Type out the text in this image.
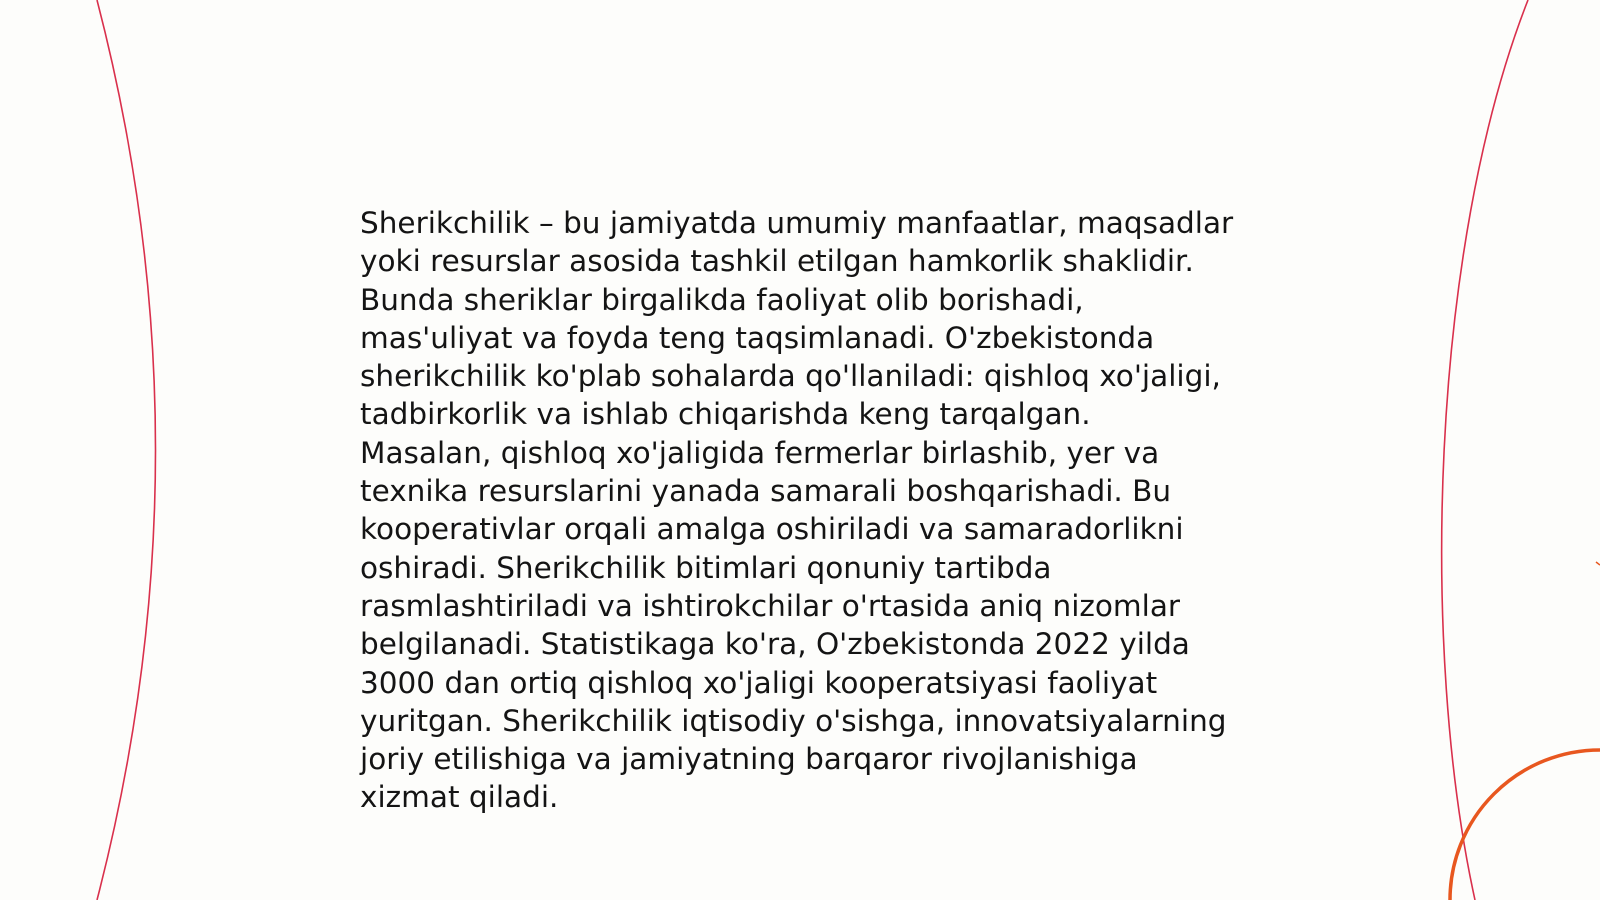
Sherikchilik – bu jamiyatda umumiy manfaatlar, maqsadlar
yoki resurslar asosida tashkil etilgan hamkorlik shaklidir.
Bunda sheriklar birgalikda faoliyat olib borishadi,
mas'uliyat va foyda teng taqsimlanadi. O'zbekistonda
sherikchilik ko'plab sohalarda qo'llaniladi: qishloq xo'jaligi,
tadbirkorlik va ishlab chiqarishda keng tarqalgan.
Masalan, qishloq xo'jaligida fermerlar birlashib, yer va
texnika resurslarini yanada samarali boshqarishadi. Bu
kooperativlar orqali amalga oshiriladi va samaradorlikni
oshiradi. Sherikchilik bitimlari qonuniy tartibda
rasmlashtiriladi va ishtirokchilar o'rtasida aniq nizomlar
belgilanadi. Statistikaga ko'ra, O'zbekistonda 2022 yilda
3000 dan ortiq qishloq xo'jaligi kooperatsiyasi faoliyat
yuritgan. Sherikchilik iqtisodiy o'sishga, innovatsiyalarning
joriy etilishiga va jamiyatning barqaror rivojlanishiga
xizmat qiladi.
